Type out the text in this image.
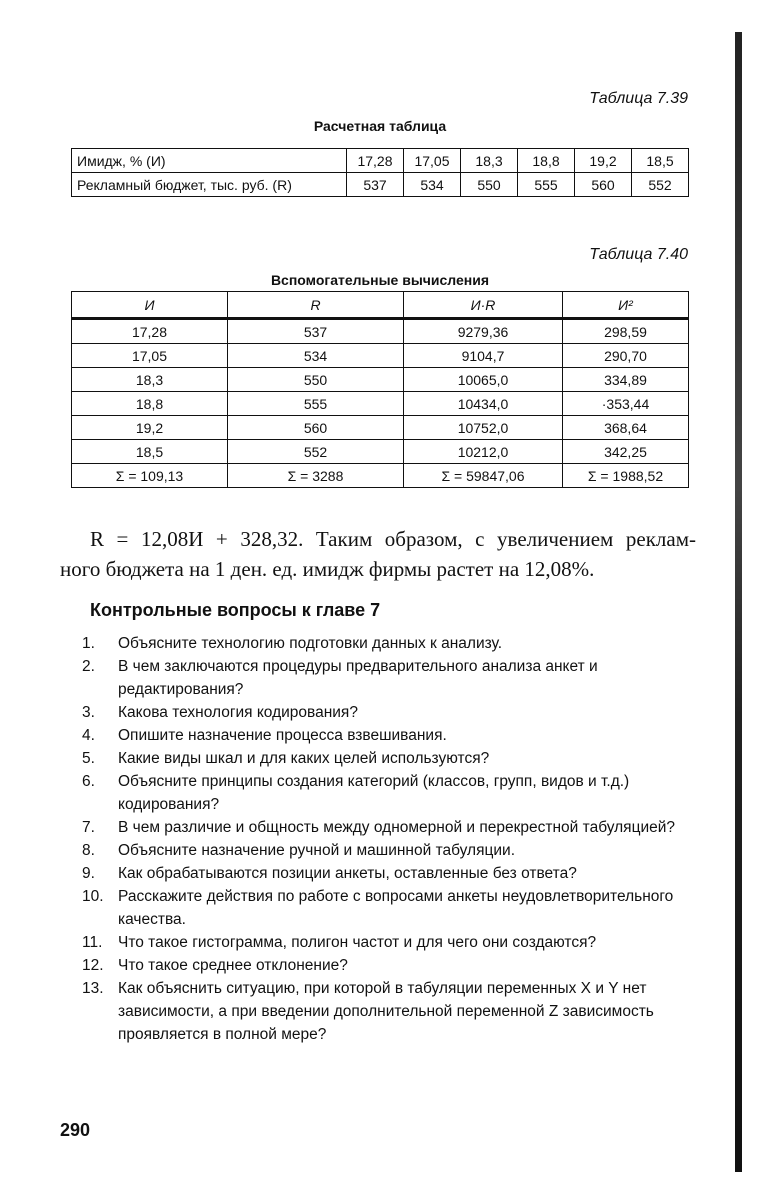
Таблица 7.39
Расчетная таблица
Имидж, % (И)	17,28	17,05	18,3	18,8	19,2	18,5
Рекламный бюджет, тыс. руб. (R)	537	534	550	555	560	552
Таблица 7.40
Вспомогательные вычисления
И	R	И·R	И²
17,28	537	9279,36	298,59
17,05	534	9104,7	290,70
18,3	550	10065,0	334,89
18,8	555	10434,0	·353,44
19,2	560	10752,0	368,64
18,5	552	10212,0	342,25
Σ = 109,13	Σ = 3288	Σ = 59847,06	Σ = 1988,52
R = 12,08И + 328,32. Таким образом, с увеличением реклам-
ного бюджета на 1 ден. ед. имидж фирмы растет на 12,08%.
Контрольные вопросы к главе 7
1.	Объясните технологию подготовки данных к анализу.
2.	В чем заключаются процедуры предварительного анализа анкет и редактирования?
3.	Какова технология кодирования?
4.	Опишите назначение процесса взвешивания.
5.	Какие виды шкал и для каких целей используются?
6.	Объясните принципы создания категорий (классов, групп, видов и т.д.) кодирования?
7.	В чем различие и общность между одномерной и перекрестной табуляцией?
8.	Объясните назначение ручной и машинной табуляции.
9.	Как обрабатываются позиции анкеты, оставленные без ответа?
10. Расскажите действия по работе с вопросами анкеты неудовлетворительного качества.
11.	Что такое гистограмма, полигон частот и для чего они создаются?
12. Что такое среднее отклонение?
13. Как объяснить ситуацию, при которой в табуляции переменных X и Y нет зависимости, а при введении дополнительной переменной Z зависимость проявляется в полной мере?
290
